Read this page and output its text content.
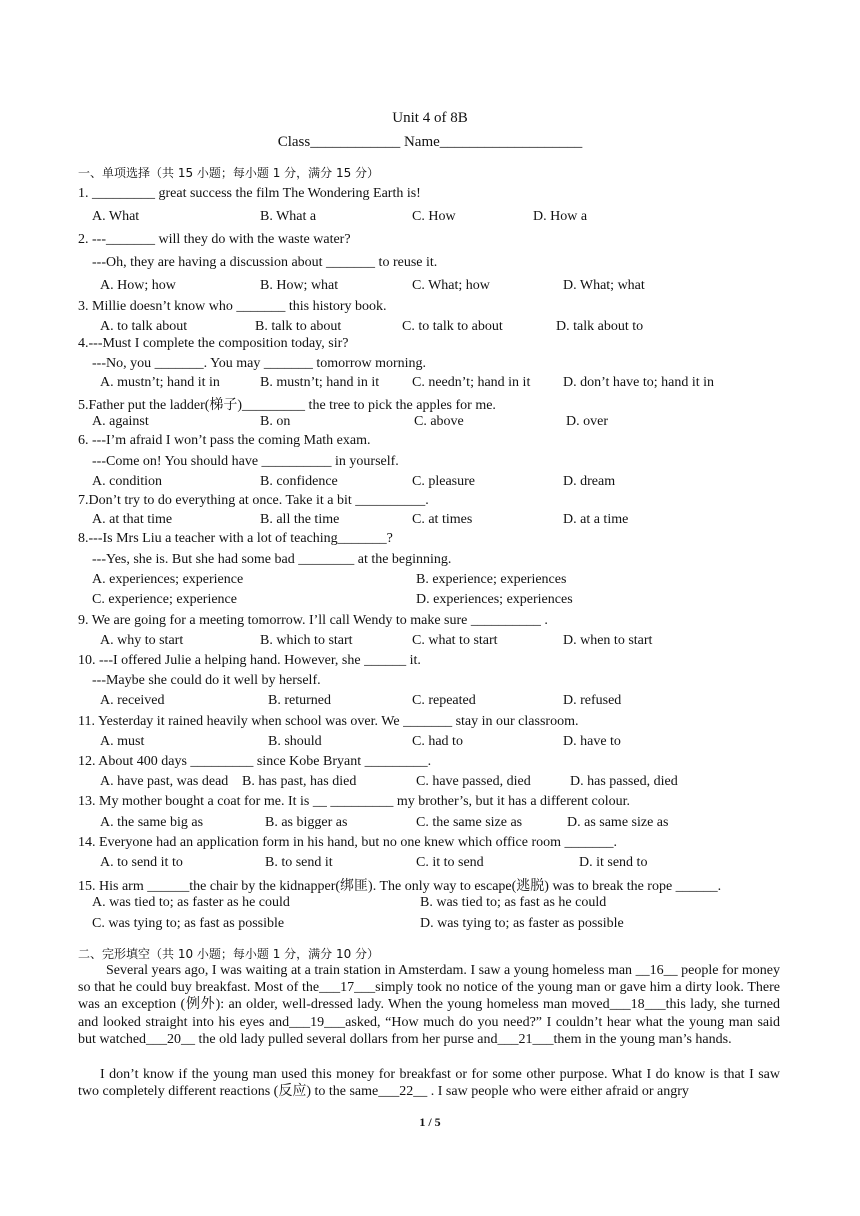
Unit 4 of 8B
Class____________ Name___________________
一、单项选择（共 15 小题；每小题 1 分，满分 15 分）
1. _________ great success the film The Wondering Earth is!
A. What	B. What a	C. How	D. How a
2. ---_______ will they do with the waste water?
---Oh, they are having a discussion about _______ to reuse it.
A. How; how	B. How; what	C. What; how	D. What; what
3. Millie doesn’t know who _______ this history book.
A. to talk about	B. talk to about	C. to talk to about	D. talk about to
4.---Must I complete the composition today, sir?
---No, you _______. You may _______ tomorrow morning.
A. mustn’t; hand it in	B. mustn’t; hand in it C. needn’t; hand in it D. don’t have to; hand it in
5.Father put the ladder(梯子)_________ the tree to pick the apples for me.
A. against	B. on	C. above	D. over
6. ---I’m afraid I won’t pass the coming Math exam.
---Come on! You should have __________ in yourself.
A. condition	B. confidence	C. pleasure	D. dream
7.Don’t try to do everything at once. Take it a bit __________.
A. at that time	B. all the time	C. at times	D. at a time
8.---Is Mrs Liu a teacher with a lot of teaching_______?
---Yes, she is. But she had some bad ________ at the beginning.
A. experiences; experience	B. experience; experiences
C. experience; experience	D. experiences; experiences
9. We are going for a meeting tomorrow. I’ll call Wendy to make sure __________ .
A. why to start	B. which to start	C. what to start	D. when to start
10. ---I offered Julie a helping hand. However, she ______ it.
---Maybe she could do it well by herself.
A. received	B. returned	C. repeated	D. refused
11. Yesterday it rained heavily when school was over. We _______ stay in our classroom.
A. must	B. should	C. had to	D. have to
12. About 400 days _________ since Kobe Bryant _________.
A. have past, was dead B. has past, has died	C. have passed, died	D. has passed, died
13. My mother bought a coat for me. It is __ _________ my brother’s, but it has a different colour.
A. the same big as	B. as bigger as	C. the same size as	D. as same size as
14. Everyone had an application form in his hand, but no one knew which office room _______.
A. to send it to	B. to send it	C. it to send	D. it send to
15. His arm ______the chair by the kidnapper(绑匪). The only way to escape(逃脱) was to break the rope ______.
A. was tied to; as faster as he could	B. was tied to; as fast as he could
C. was tying to; as fast as possible	D. was tying to; as faster as possible
二、完形填空（共 10 小题；每小题 1 分，满分 10 分）
Several years ago, I was waiting at a train station in Amsterdam. I saw a young homeless man __16__ people for money so that he could buy breakfast. Most of the___17___simply took no notice of the young man or gave him a dirty look. There was an exception (例外): an older, well-dressed lady. When the young homeless man moved___18___this lady, she turned and looked straight into his eyes and___19___asked, “How much do you need?” I couldn’t hear what the young man said but watched___20__ the old lady pulled several dollars from her purse and___21___them in the young man’s hands.
I don’t know if the young man used this money for breakfast or for some other purpose. What I do know is that I saw two completely different reactions (反应) to the same___22__ . I saw people who were either afraid or angry
1 / 5
